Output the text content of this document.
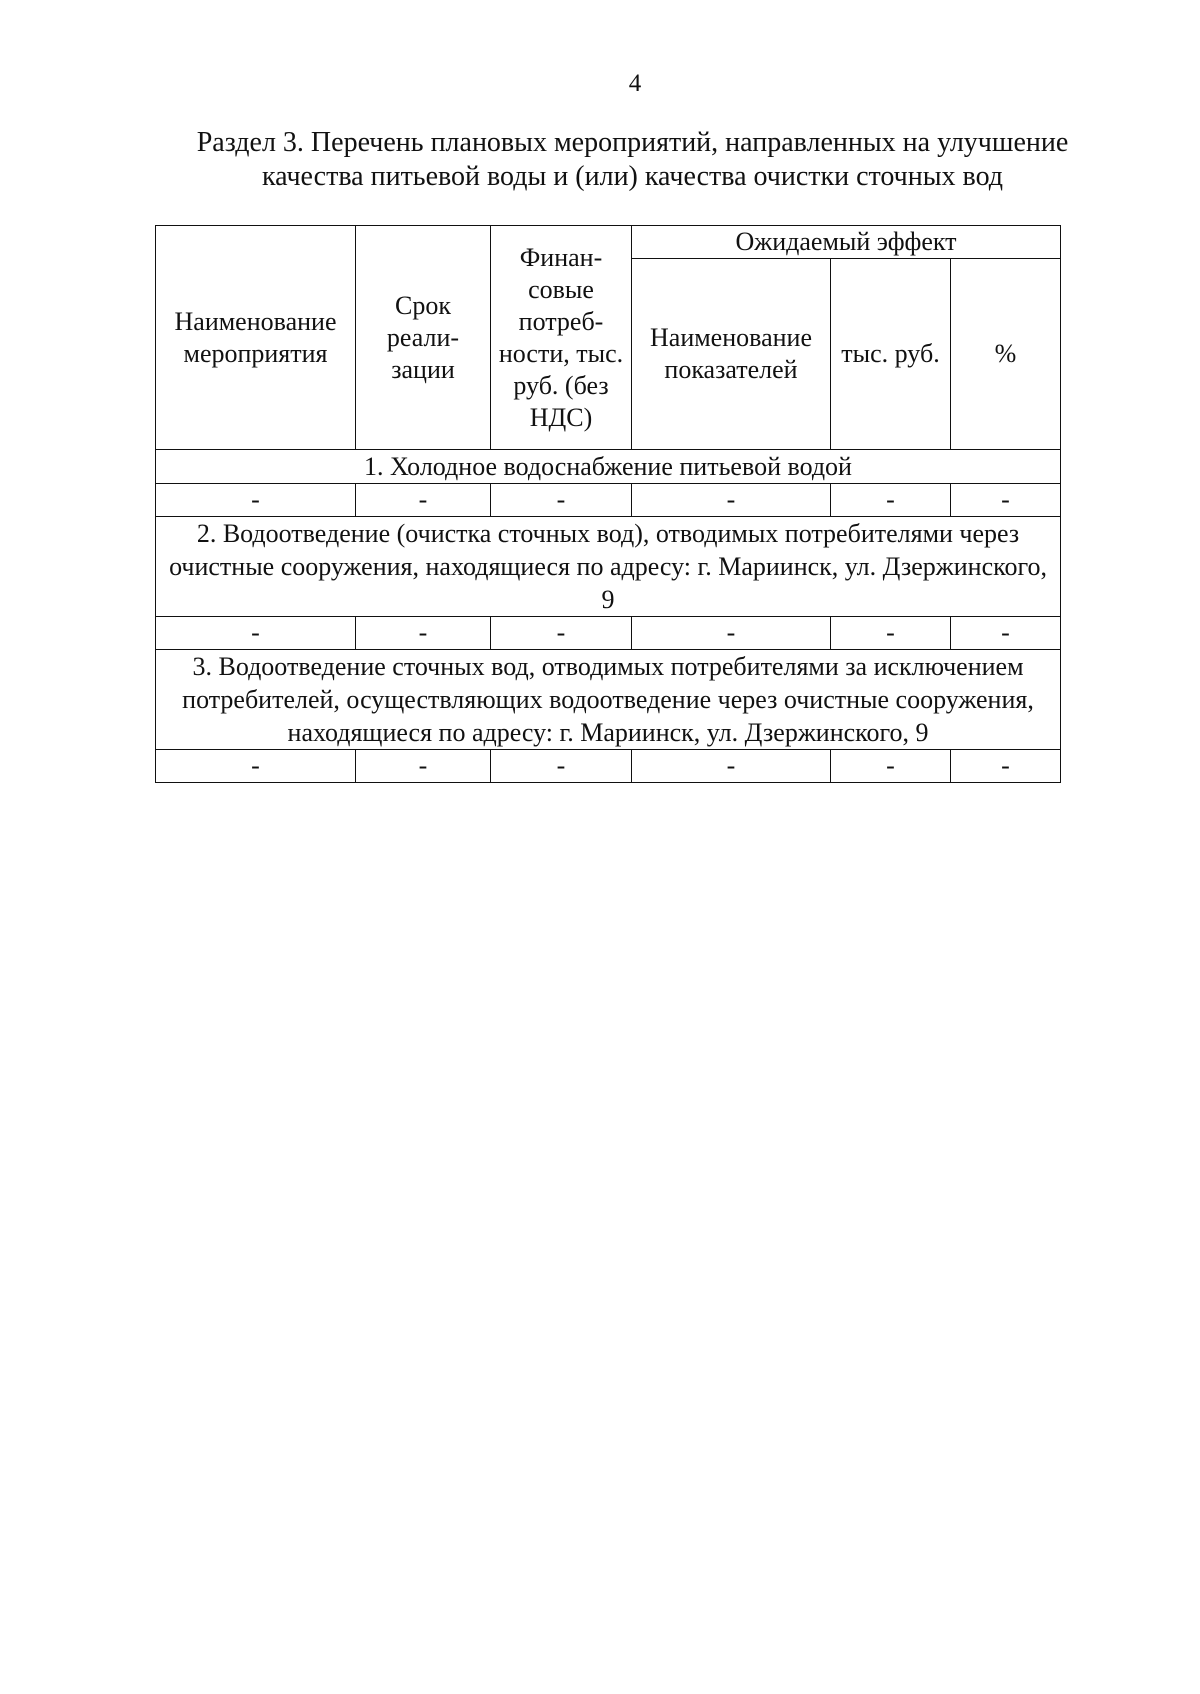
4
Раздел 3. Перечень плановых мероприятий, направленных на улучшение качества питьевой воды и (или) качества очистки сточных вод
Наименование мероприятия	Срок реали-зации	Финан-совые потреб-ности, тыс. руб. (без НДС)	Ожидаемый эффект		
			Наименование показателей	тыс. руб.	%
1. Холодное водоснабжение питьевой водой					
-	-	-	-	-	-
2. Водоотведение (очистка сточных вод), отводимых потребителями через очистные сооружения, находящиеся по адресу: г. Мариинск, ул. Дзержинского, 9					
-	-	-	-	-	-
3. Водоотведение сточных вод, отводимых потребителями за исключением потребителей, осуществляющих водоотведение через очистные сооружения, находящиеся по адресу: г. Мариинск, ул. Дзержинского, 9					
-	-	-	-	-	-
